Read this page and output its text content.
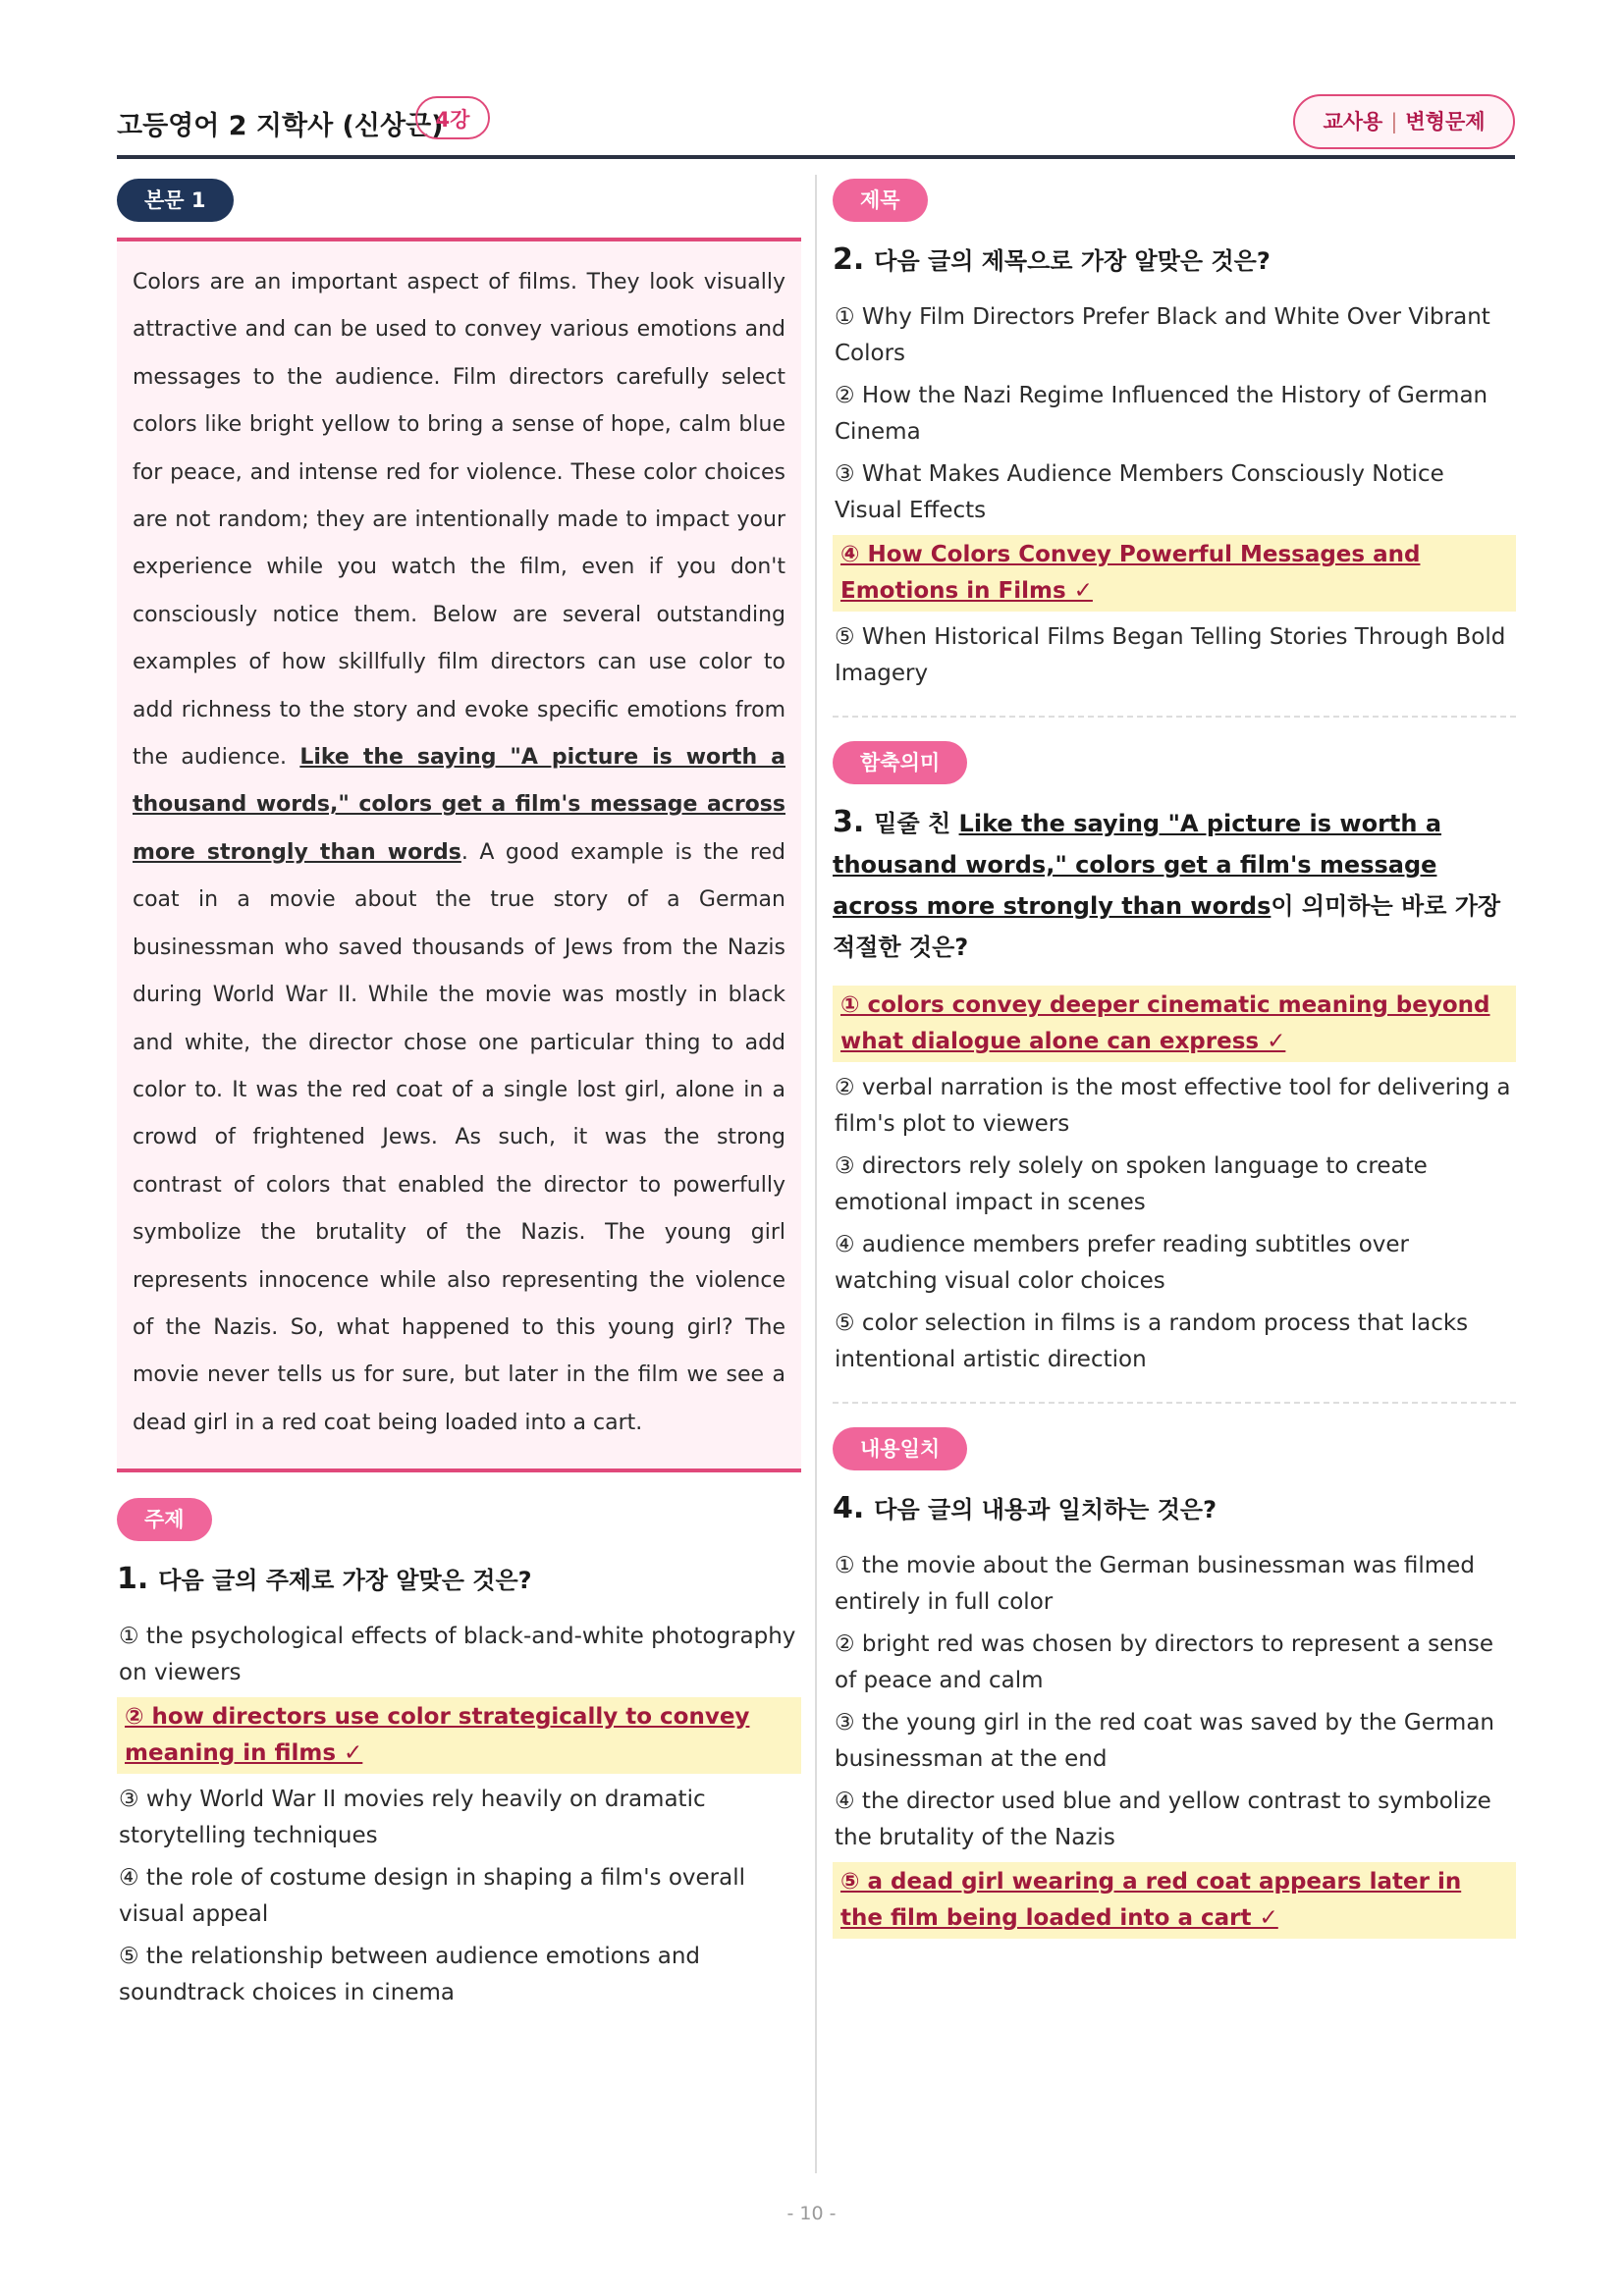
고등영어 2 지학사 (신상근)
4강	교사용 | 변형문제
본문 1
Colors are an important aspect of films. They look visually attractive and can be used to convey various emotions and messages to the audience. Film directors carefully select colors like bright yellow to bring a sense of hope, calm blue for peace, and intense red for violence. These color choices are not random; they are intentionally made to impact your experience while you watch the film, even if you don't consciously notice them. Below are several outstanding examples of how skillfully film directors can use color to add richness to the story and evoke specific emotions from the audience. Like the saying "A picture is worth a thousand words," colors get a film's message across more strongly than words. A good example is the red coat in a movie about the true story of a German businessman who saved thousands of Jews from the Nazis during World War II. While the movie was mostly in black and white, the director chose one particular thing to add color to. It was the red coat of a single lost girl, alone in a crowd of frightened Jews. As such, it was the strong contrast of colors that enabled the director to powerfully symbolize the brutality of the Nazis. The young girl represents innocence while also representing the violence of the Nazis. So, what happened to this young girl? The movie never tells us for sure, but later in the film we see a dead girl in a red coat being loaded into a cart.
주제

1. 다음 글의 주제로 가장 알맞은 것은?

① the psychological effects of black-and-white photography on viewers
② how directors use color strategically to convey meaning in films ✓
③ why World War II movies rely heavily on dramatic storytelling techniques
④ the role of costume design in shaping a film's overall visual appeal
⑤ the relationship between audience emotions and soundtrack choices in cinema
제목

2. 다음 글의 제목으로 가장 알맞은 것은?

① Why Film Directors Prefer Black and White Over Vibrant Colors
② How the Nazi Regime Influenced the History of German Cinema
③ What Makes Audience Members Consciously Notice Visual Effects
④ How Colors Convey Powerful Messages and Emotions in Films ✓
⑤ When Historical Films Began Telling Stories Through Bold Imagery
함축의미

3. 밑줄 친 Like the saying "A picture is worth a thousand words," colors get a film's message across more strongly than words이 의미하는 바로 가장 적절한 것은?

① colors convey deeper cinematic meaning beyond what dialogue alone can express ✓
② verbal narration is the most effective tool for delivering a film's plot to viewers
③ directors rely solely on spoken language to create emotional impact in scenes
④ audience members prefer reading subtitles over watching visual color choices
⑤ color selection in films is a random process that lacks intentional artistic direction
내용일치

4. 다음 글의 내용과 일치하는 것은?

① the movie about the German businessman was filmed entirely in full color
② bright red was chosen by directors to represent a sense of peace and calm
③ the young girl in the red coat was saved by the German businessman at the end
④ the director used blue and yellow contrast to symbolize the brutality of the Nazis
⑤ a dead girl wearing a red coat appears later in the film being loaded into a cart ✓
- 10 -
